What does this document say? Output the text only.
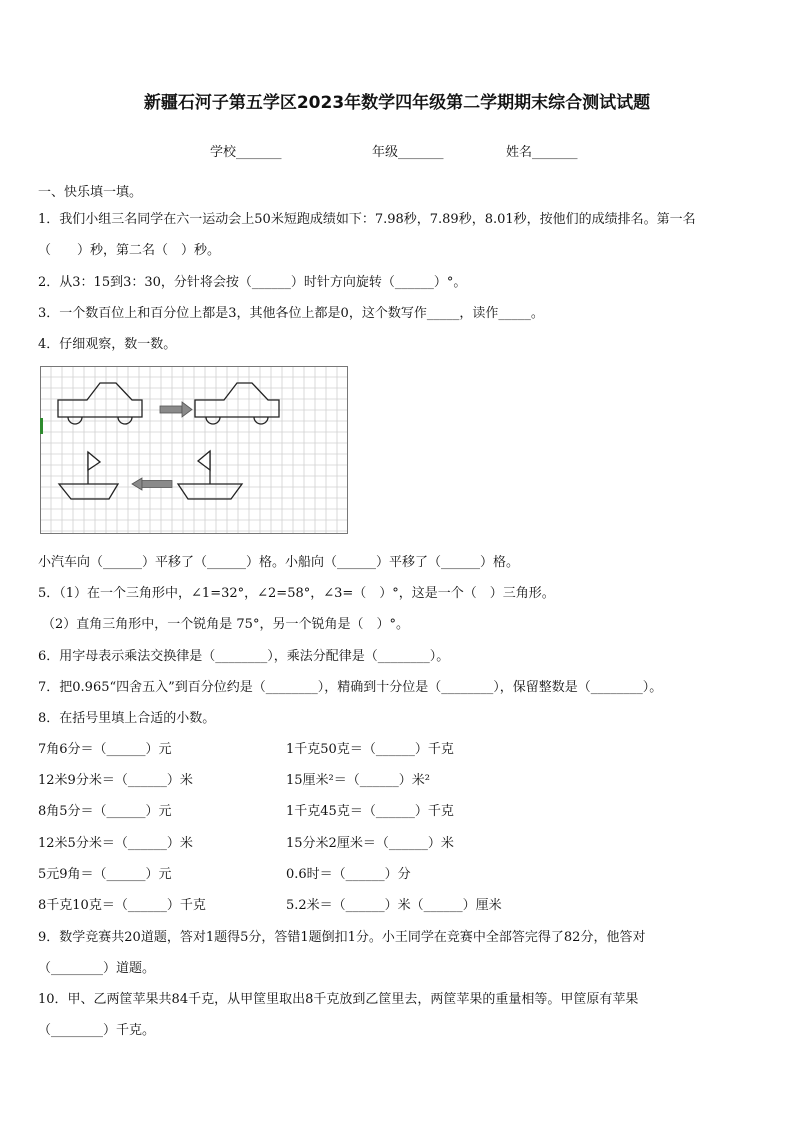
新疆石河子第五学区2023年数学四年级第二学期期末综合测试试题
学校_______	年级_______	姓名_______
一、快乐填一填。
1．我们小组三名同学在六一运动会上50米短跑成绩如下：7.98秒，7.89秒，8.01秒，按他们的成绩排名。第一名
（　　）秒，第二名（　）秒。
2．从3：15到3：30，分针将会按（______）时针方向旋转（______）°。
3．一个数百位上和百分位上都是3，其他各位上都是0，这个数写作_____，读作_____。
4．仔细观察，数一数。
小汽车向（______）平移了（______）格。小船向（______）平移了（______）格。
5．（1）在一个三角形中，∠1=32°，∠2=58°，∠3=（　）°，这是一个（　）三角形。
（2）直角三角形中，一个锐角是 75°，另一个锐角是（　）°。
6．用字母表示乘法交换律是（________），乘法分配律是（________）。
7．把0.965“四舍五入”到百分位约是（________），精确到十分位是（________），保留整数是（________）。
8．在括号里填上合适的小数。
7角6分＝（______）元
12米9分米＝（______）米
8角5分＝（______）元
12米5分米＝（______）米
5元9角＝（______）元
8千克10克＝（______）千克
1千克50克＝（______）千克
15厘米²＝（______）米²
1千克45克＝（______）千克
15分米2厘米＝（______）米
0.6时＝（______）分
5.2米＝（______）米（______）厘米
9．数学竞赛共20道题，答对1题得5分，答错1题倒扣1分。小王同学在竞赛中全部答完得了82分，他答对
（________）道题。
10．甲、乙两筐苹果共84千克，从甲筐里取出8千克放到乙筐里去，两筐苹果的重量相等。甲筐原有苹果
（________）千克。
